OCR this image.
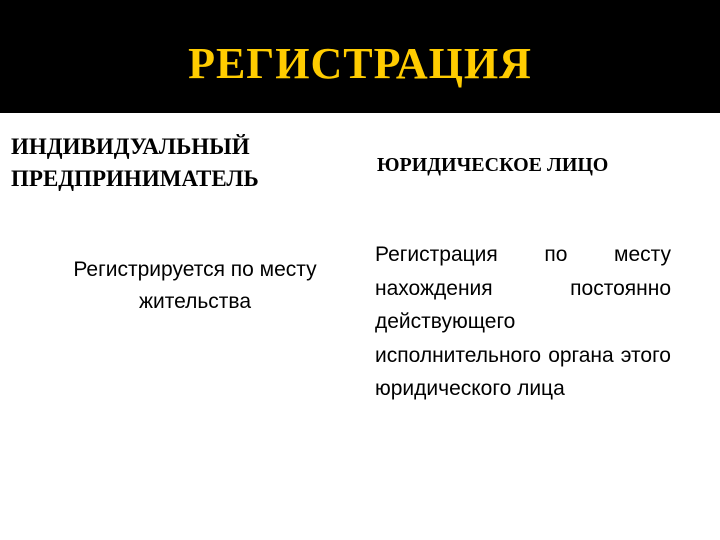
РЕГИСТРАЦИЯ
ИНДИВИДУАЛЬНЫЙ ПРЕДПРИНИМАТЕЛЬ
ЮРИДИЧЕСКОЕ ЛИЦО
Регистрируется по месту жительства
Регистрация по месту нахождения постоянно действующего исполнительного органа этого юридического лица
